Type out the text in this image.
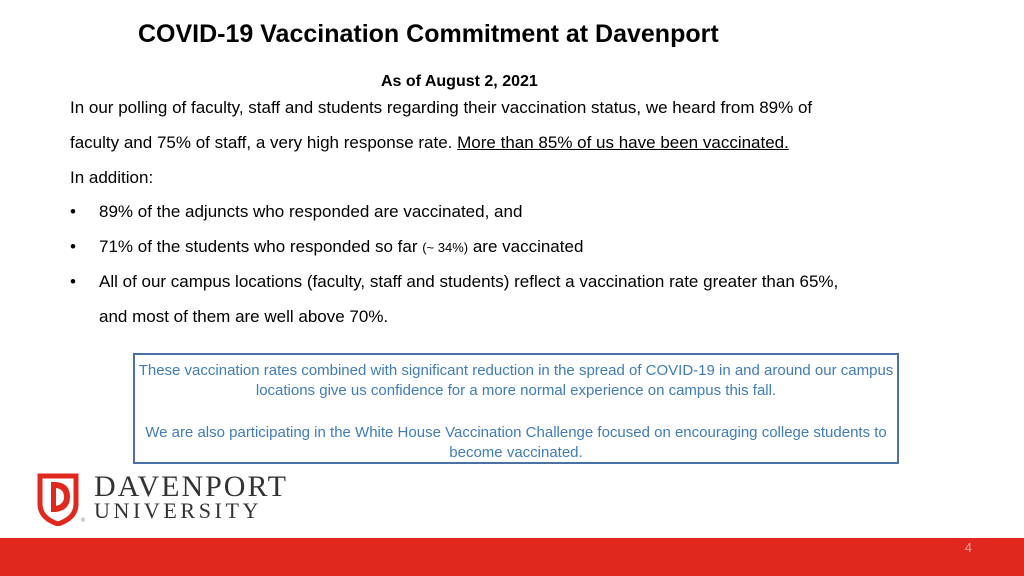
COVID-19 Vaccination Commitment at Davenport
As of August 2, 2021
In our polling of faculty, staff and students regarding their vaccination status, we heard from 89% of
faculty and 75% of staff, a very high response rate. More than 85% of us have been vaccinated.
In addition:
• 89% of the adjuncts who responded are vaccinated, and
• 71% of the students who responded so far (~ 34%) are vaccinated
• All of our campus locations (faculty, staff and students) reflect a vaccination rate greater than 65%,
and most of them are well above 70%.

These vaccination rates combined with significant reduction in the spread of COVID-19 in and around our campus locations give us confidence for a more normal experience on campus this fall.

We are also participating in the White House Vaccination Challenge focused on encouraging college students to become vaccinated.

®
DAVENPORT
UNIVERSITY
4
